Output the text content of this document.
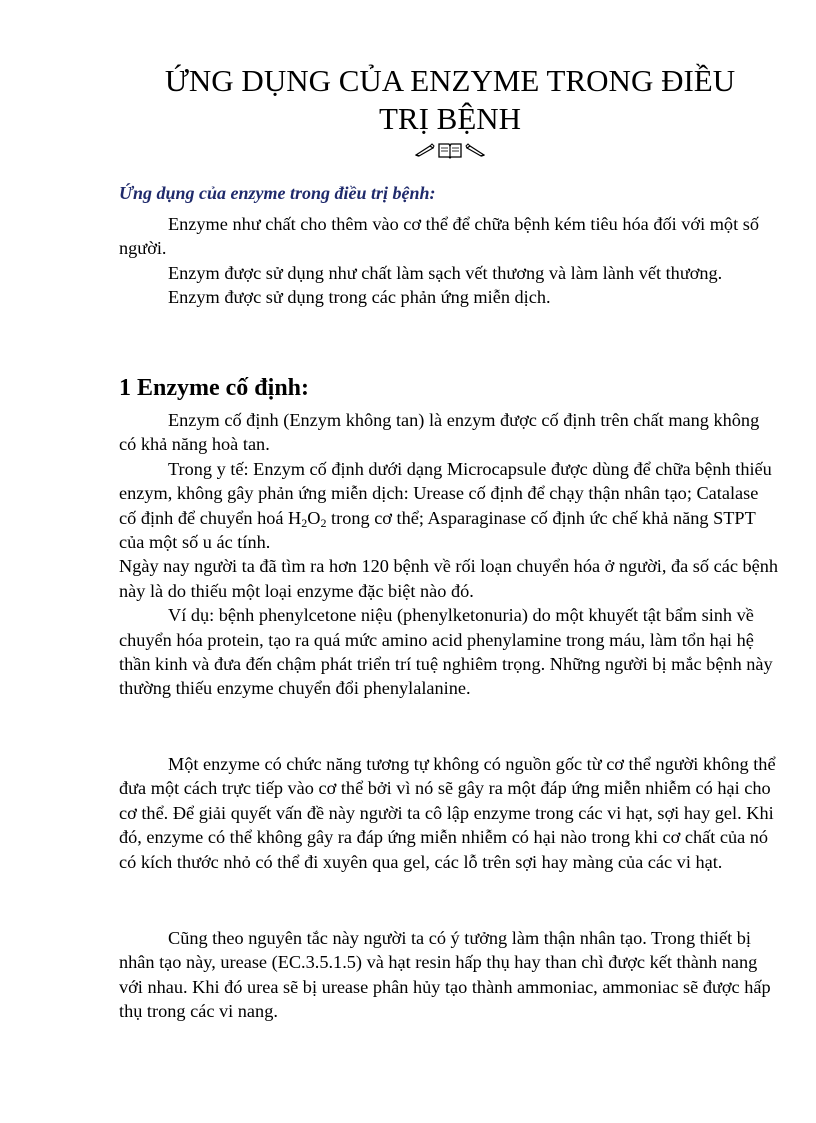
ỨNG DỤNG CỦA ENZYME TRONG ĐIỀU
TRỊ BỆNH
Ứng dụng của enzyme trong điều trị bệnh:

Enzyme như chất cho thêm vào cơ thể để chữa bệnh kém tiêu hóa đối với một số người.

Enzym được sử dụng như chất làm sạch vết thương và làm lành vết thương.

Enzym được sử dụng trong các phản ứng miễn dịch.

1 Enzyme cố định:

Enzym cố định (Enzym không tan) là enzym được cố định trên chất mang không có khả năng hoà tan.

Trong y tế: Enzym cố định dưới dạng Microcapsule được dùng để chữa bệnh thiếu enzym, không gây phản ứng miễn dịch: Urease cố định để chạy thận nhân tạo; Catalase cố định để chuyển hoá $H_2O_2$ trong cơ thể; Asparaginase cố định ức chế khả năng STPT của một số u ác tính.

Ngày nay người ta đã tìm ra hơn 120 bệnh về rối loạn chuyển hóa ở người, đa số các bệnh này là do thiếu một loại enzyme đặc biệt nào đó.

Ví dụ: bệnh phenylcetone niệu (phenylketonuria) do một khuyết tật bẩm sinh về chuyển hóa protein, tạo ra quá mức amino acid phenylamine trong máu, làm tổn hại hệ thần kinh và đưa đến chậm phát triển trí tuệ nghiêm trọng. Những người bị mắc bệnh này thường thiếu enzyme chuyển đổi phenylalanine.

Một enzyme có chức năng tương tự không có nguồn gốc từ cơ thể người không thể đưa một cách trực tiếp vào cơ thể bởi vì nó sẽ gây ra một đáp ứng miễn nhiễm có hại cho cơ thể. Để giải quyết vấn đề này người ta cô lập enzyme trong các vi hạt, sợi hay gel. Khi đó, enzyme có thể không gây ra đáp ứng miễn nhiễm có hại nào trong khi cơ chất của nó có kích thước nhỏ có thể đi xuyên qua gel, các lỗ trên sợi hay màng của các vi hạt.

Cũng theo nguyên tắc này người ta có ý tưởng làm thận nhân tạo. Trong thiết bị nhân tạo này, urease (EC.3.5.1.5) và hạt resin hấp thụ hay than chì được kết thành nang với nhau. Khi đó urea sẽ bị urease phân hủy tạo thành ammoniac, ammoniac sẽ được hấp thụ trong các vi nang.
